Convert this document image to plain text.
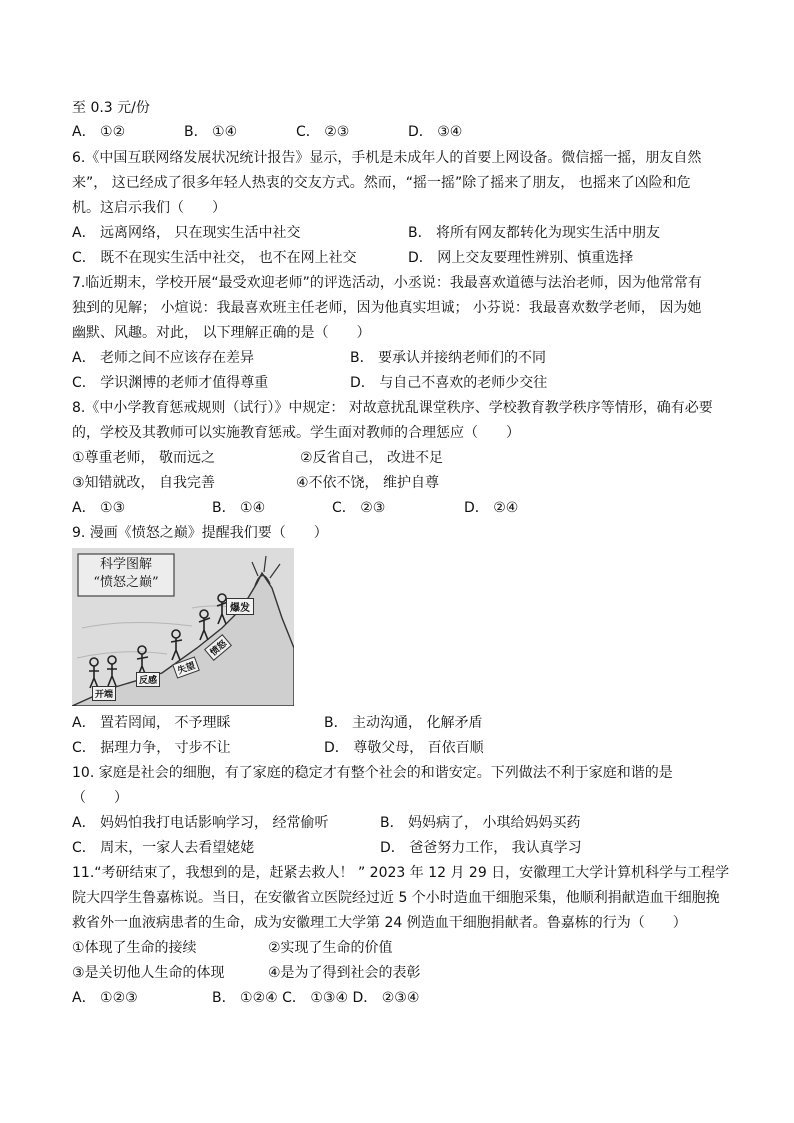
至 0.3 元/份
A． ①②	B． ①④	C． ②③	D． ③④
6.《中国互联网络发展状况统计报告》显示，手机是未成年人的首要上网设备。微信摇一摇，朋友自然
来”， 这已经成了很多年轻人热衷的交友方式。然而，“摇一摇”除了摇来了朋友， 也摇来了凶险和危
机。这启示我们（　　）
A． 远离网络， 只在现实生活中社交	B． 将所有网友都转化为现实生活中朋友
C． 既不在现实生活中社交， 也不在网上社交	D． 网上交友要理性辨别、慎重选择
7.临近期末，学校开展“最受欢迎老师”的评选活动，小丞说：我最喜欢道德与法治老师，因为他常常有
独到的见解； 小煊说：我最喜欢班主任老师，因为他真实坦诚； 小芬说：我最喜欢数学老师， 因为她
幽默、风趣。对此， 以下理解正确的是（　　）
A． 老师之间不应该存在差异	B． 要承认并接纳老师们的不同
C． 学识渊博的老师才值得尊重	D． 与自己不喜欢的老师少交往
8.《中小学教育惩戒规则（试行）》中规定： 对故意扰乱课堂秩序、学校教育教学秩序等情形，确有必要
的，学校及其教师可以实施教育惩戒。学生面对教师的合理惩应（　　）
①尊重老师， 敬而远之	②反省自己， 改进不足
③知错就改， 自我完善	④不依不饶， 维护自尊
A． ①③	B． ①④	C． ②③	D． ②④
9. 漫画《愤怒之巅》提醒我们要（　　）
科学图解
“愤怒之巅”
开端
反感
失望
愤怒
爆发
A． 置若罔闻， 不予理睬	B． 主动沟通， 化解矛盾
C． 据理力争， 寸步不让	D． 尊敬父母， 百依百顺
10. 家庭是社会的细胞，有了家庭的稳定才有整个社会的和谐安定。下列做法不利于家庭和谐的是
（　　）
A． 妈妈怕我打电话影响学习， 经常偷听	B． 妈妈病了， 小琪给妈妈买药
C． 周末，一家人去看望姥姥	D． 爸爸努力工作， 我认真学习
11.“考研结束了，我想到的是，赶紧去救人！ ” 2023 年 12 月 29 日，安徽理工大学计算机科学与工程学
院大四学生鲁嘉栋说。当日，在安徽省立医院经过近 5 个小时造血干细胞采集，他顺利捐献造血干细胞挽
救省外一血液病患者的生命，成为安徽理工大学第 24 例造血干细胞捐献者。鲁嘉栋的行为（　　）
①体现了生命的接续	②实现了生命的价值
③是关切他人生命的体现	④是为了得到社会的表彰
A． ①②③	B． ①②④ C． ①③④ D． ②③④
